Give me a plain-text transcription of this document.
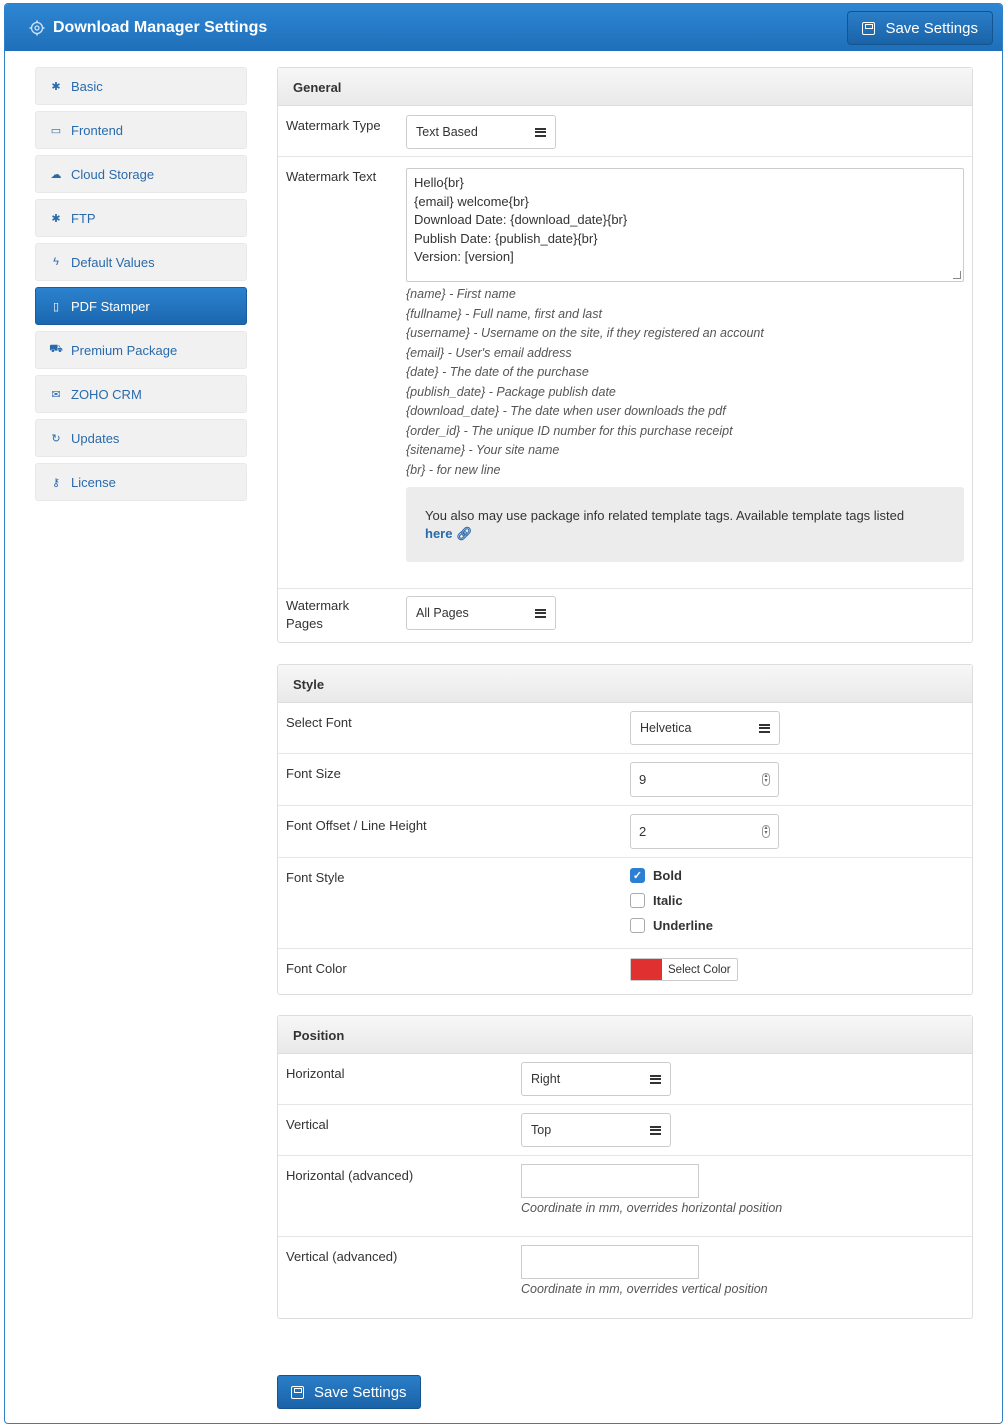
Download Manager Settings	Save Settings
✱ Basic
▭ Frontend
☁ Cloud Storage
✱ FTP
ϟ Default Values
▯ PDF Stamper
⛟ Premium Package
✉ ZOHO CRM
↻ Updates
⚷ License
General
Watermark Type	Text Based
Watermark Text	Hello{br}
{email} welcome{br}
Download Date: {download_date}{br}
Publish Date: {publish_date}{br}
Version: [version]
{name} - First name
{fullname} - Full name, first and last
{username} - Username on the site, if they registered an account
{email} - User's email address
{date} - The date of the purchase
{publish_date} - Package publish date
{download_date} - The date when user downloads the pdf
{order_id} - The unique ID number for this purchase receipt
{sitename} - Your site name
{br} - for new line
You also may use package info related template tags. Available template tags listed
here 🔗︎
Watermark
Pages
All Pages
Style
Select Font	Helvetica
Font Size	9	▴
▾
Font Offset / Line Height	2	▴
▾
Font Style	✓ Bold
Italic
Underline
Font Color	Select Color
Position
Horizontal	Right
Vertical	Top
Horizontal (advanced)
Coordinate in mm, overrides horizontal position
Vertical (advanced)
Coordinate in mm, overrides vertical position
Save Settings
